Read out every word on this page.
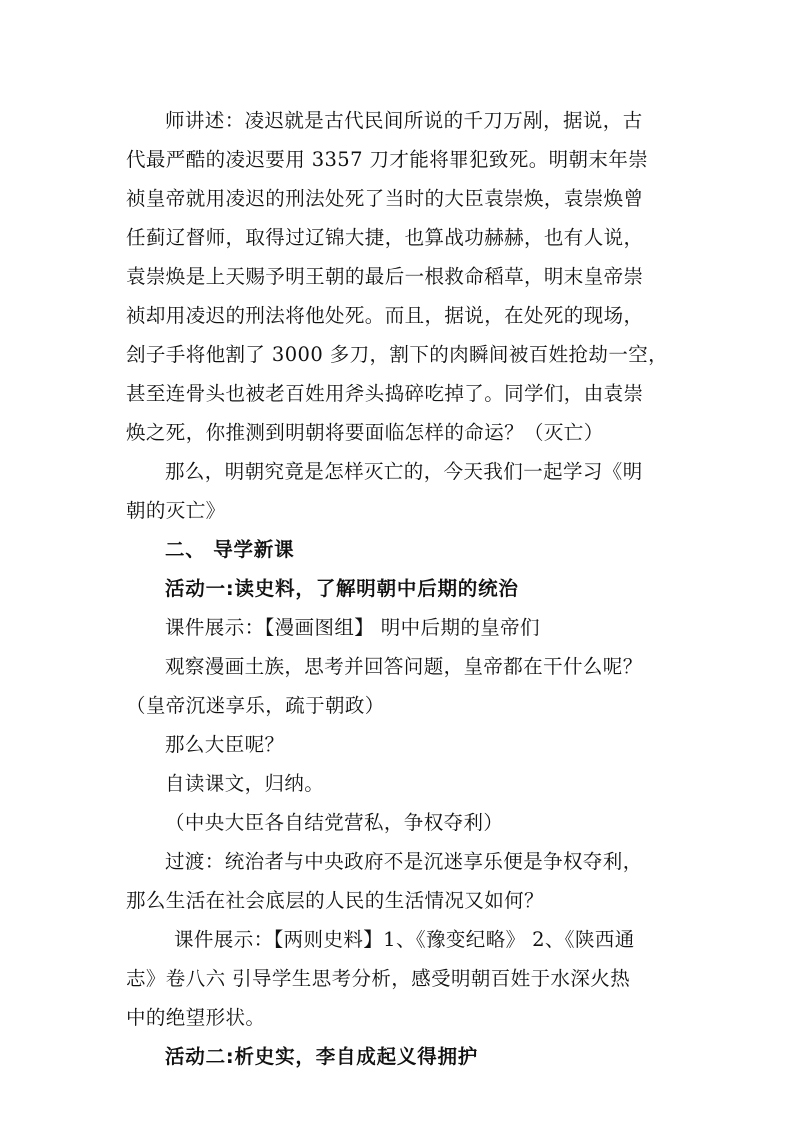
师讲述：凌迟就是古代民间所说的千刀万剐，据说，古
代最严酷的凌迟要用 3357 刀才能将罪犯致死。明朝末年崇
祯皇帝就用凌迟的刑法处死了当时的大臣袁崇焕，袁崇焕曾
任蓟辽督师，取得过辽锦大捷，也算战功赫赫，也有人说，
袁崇焕是上天赐予明王朝的最后一根救命稻草，明末皇帝崇
祯却用凌迟的刑法将他处死。而且，据说，在处死的现场，
刽子手将他割了 3000 多刀，割下的肉瞬间被百姓抢劫一空，
甚至连骨头也被老百姓用斧头捣碎吃掉了。同学们，由袁崇
焕之死，你推测到明朝将要面临怎样的命运？（灭亡）
那么，明朝究竟是怎样灭亡的，今天我们一起学习《明
朝的灭亡》
二、 导学新课
活动一:读史料，了解明朝中后期的统治
课件展示：【漫画图组】 明中后期的皇帝们
观察漫画土族，思考并回答问题，皇帝都在干什么呢？
（皇帝沉迷享乐，疏于朝政）
那么大臣呢？
自读课文，归纳。
（中央大臣各自结党营私，争权夺利）
过渡：统治者与中央政府不是沉迷享乐便是争权夺利，
那么生活在社会底层的人民的生活情况又如何？
课件展示：【两则史料】1、《豫变纪略》 2、《陕西通
志》卷八六 引导学生思考分析，感受明朝百姓于水深火热
中的绝望形状。
活动二:析史实，李自成起义得拥护
